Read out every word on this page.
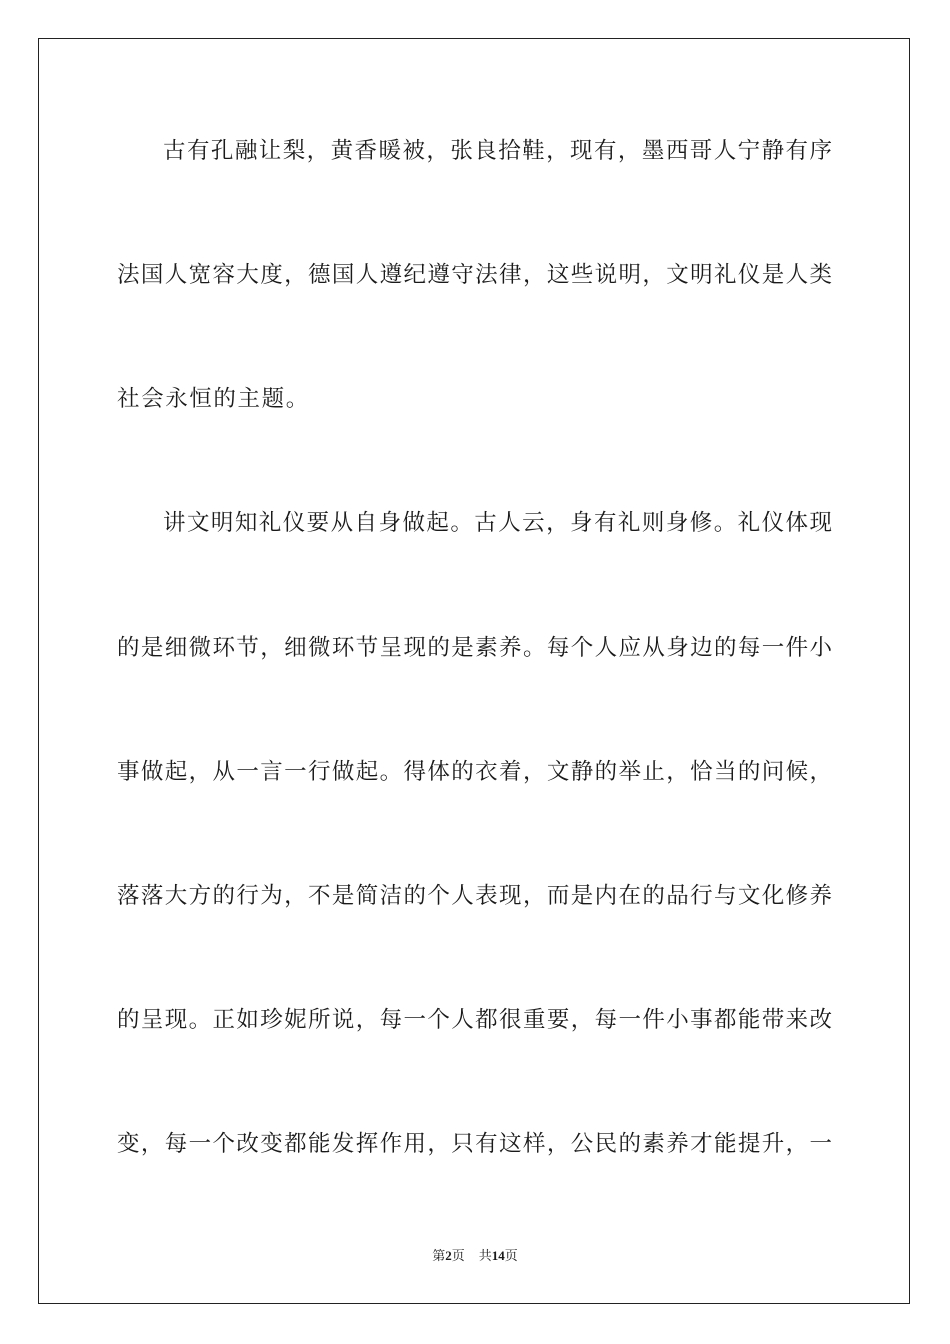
古有孔融让梨，黄香暖被，张良拾鞋，现有，墨西哥人宁静有序
法国人宽容大度，德国人遵纪遵守法律，这些说明，文明礼仪是人类
社会永恒的主题。
讲文明知礼仪要从自身做起。古人云，身有礼则身修。礼仪体现
的是细微环节，细微环节呈现的是素养。每个人应从身边的每一件小
事做起，从一言一行做起。得体的衣着，文静的举止，恰当的问候，
落落大方的行为，不是简洁的个人表现，而是内在的品行与文化修养
的呈现。正如珍妮所说，每一个人都很重要，每一件小事都能带来改
变，每一个改变都能发挥作用，只有这样，公民的素养才能提升，一
第2页 共14页
